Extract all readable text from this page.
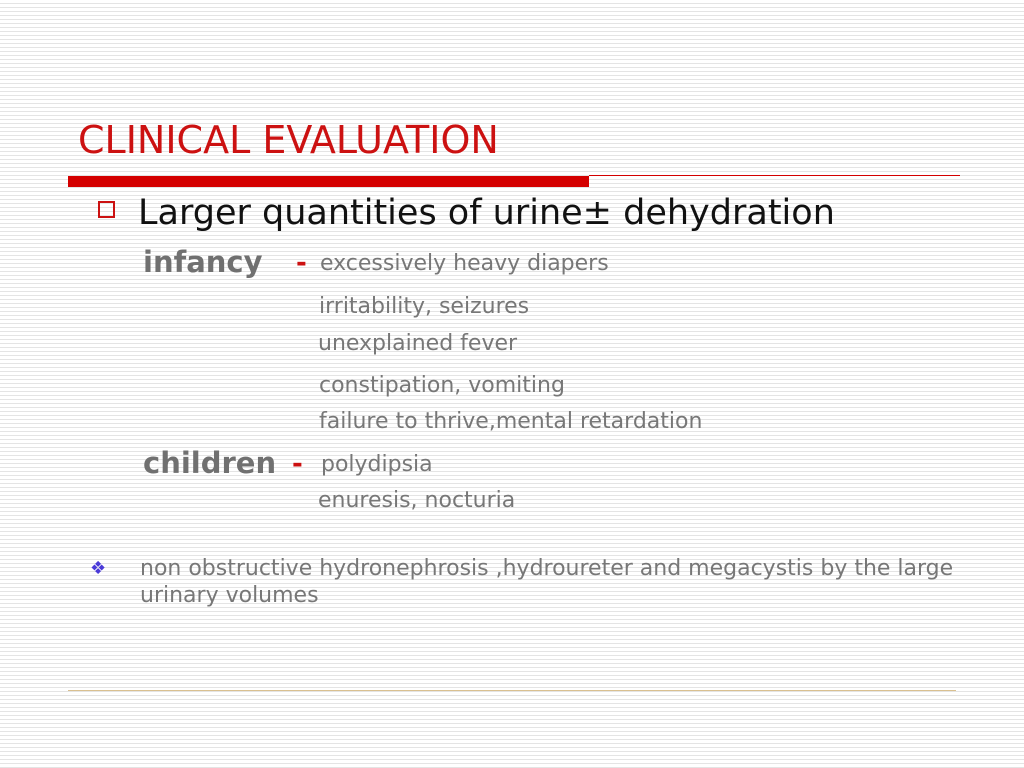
CLINICAL EVALUATION
Larger quantities of urine± dehydration
infancy - excessively heavy diapers
irritability, seizures
unexplained fever
constipation, vomiting
failure to thrive,mental retardation
children - polydipsia
enuresis, nocturia
❖ non obstructive hydronephrosis ,hydroureter and megacystis by the large urinary volumes
